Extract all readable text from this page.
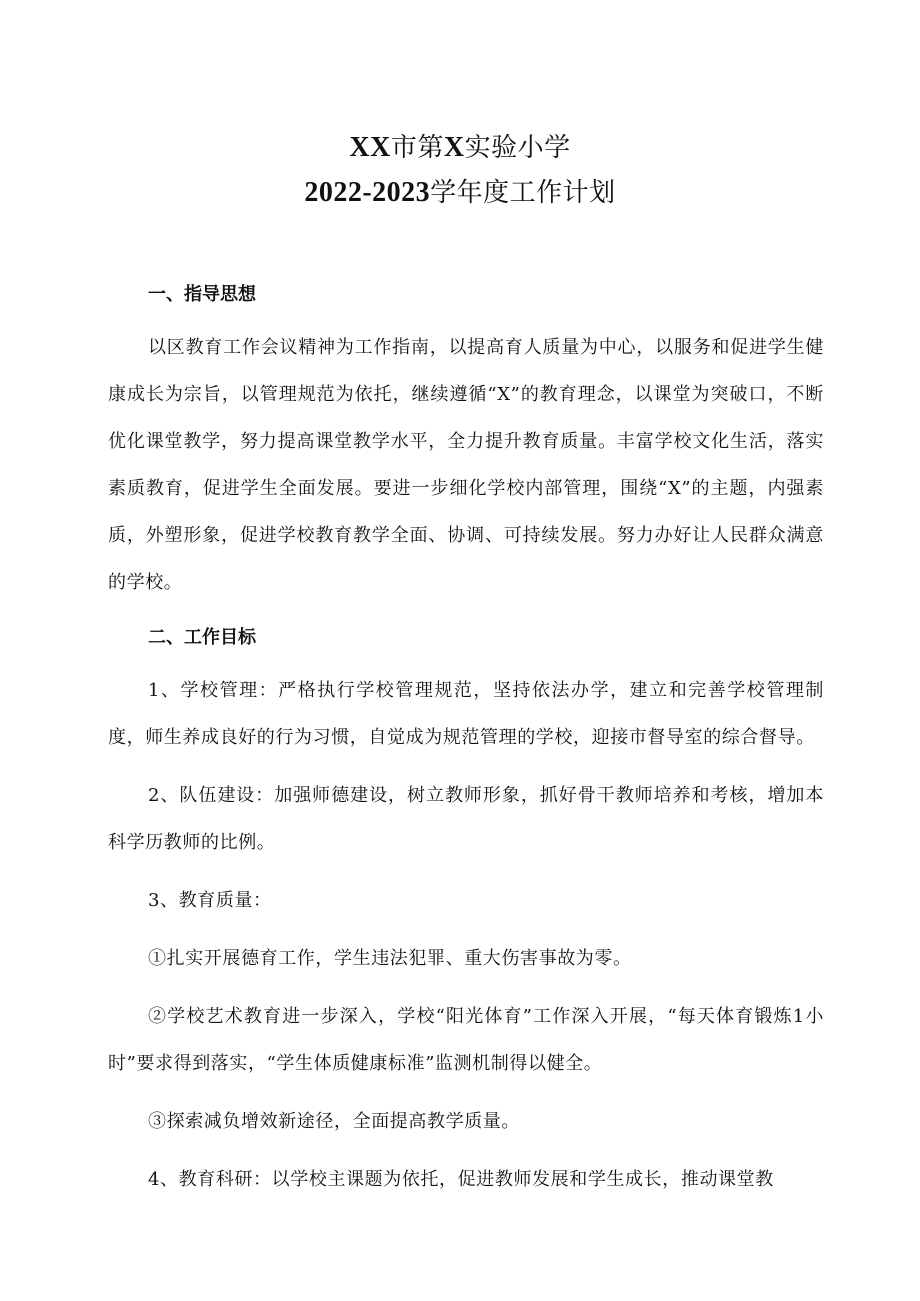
XX市第X实验小学
2022-2023学年度工作计划
一、指导思想

以区教育工作会议精神为工作指南，以提高育人质量为中心，以服务和促进学生健康成长为宗旨，以管理规范为依托，继续遵循“X”的教育理念，以课堂为突破口，不断优化课堂教学，努力提高课堂教学水平，全力提升教育质量。丰富学校文化生活，落实素质教育，促进学生全面发展。要进一步细化学校内部管理，围绕“X”的主题，内强素质，外塑形象，促进学校教育教学全面、协调、可持续发展。努力办好让人民群众满意的学校。

二、工作目标

1、学校管理：严格执行学校管理规范，坚持依法办学，建立和完善学校管理制度，师生养成良好的行为习惯，自觉成为规范管理的学校，迎接市督导室的综合督导。

2、队伍建设：加强师德建设，树立教师形象，抓好骨干教师培养和考核，增加本科学历教师的比例。

3、教育质量：

①扎实开展德育工作，学生违法犯罪、重大伤害事故为零。

②学校艺术教育进一步深入，学校“阳光体育”工作深入开展，“每天体育锻炼1小时”要求得到落实，“学生体质健康标准”监测机制得以健全。

③探索减负增效新途径，全面提高教学质量。

4、教育科研：以学校主课题为依托，促进教师发展和学生成长，推动课堂教
